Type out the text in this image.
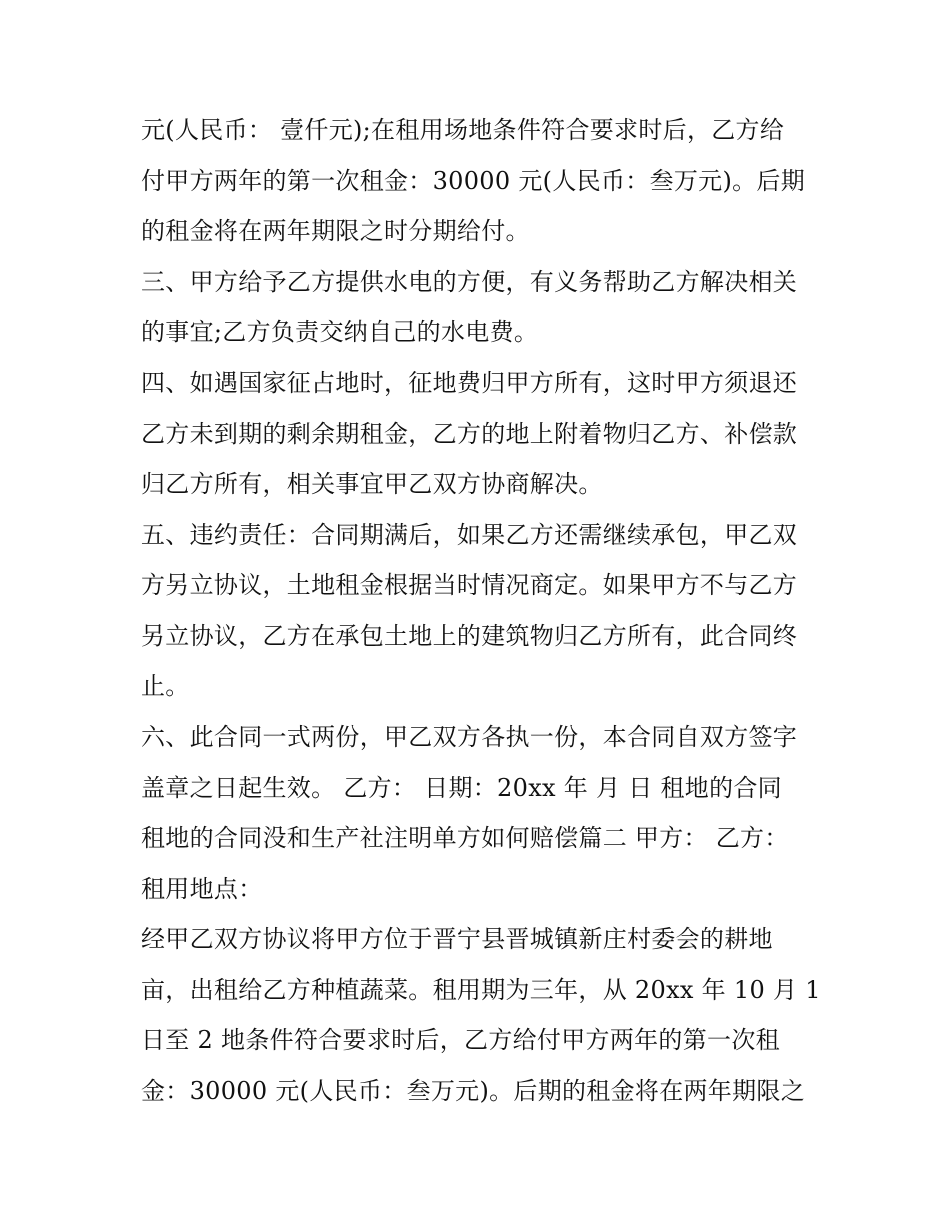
元(人民币： 壹仟元);在租用场地条件符合要求时后，乙方给
付甲方两年的第一次租金：30000 元(人民币：叁万元)。后期
的租金将在两年期限之时分期给付。
三、甲方给予乙方提供水电的方便，有义务帮助乙方解决相关
的事宜;乙方负责交纳自己的水电费。
四、如遇国家征占地时，征地费归甲方所有，这时甲方须退还
乙方未到期的剩余期租金，乙方的地上附着物归乙方、补偿款
归乙方所有，相关事宜甲乙双方协商解决。
五、违约责任：合同期满后，如果乙方还需继续承包，甲乙双
方另立协议，土地租金根据当时情况商定。如果甲方不与乙方
另立协议，乙方在承包土地上的建筑物归乙方所有，此合同终
止。
六、此合同一式两份，甲乙双方各执一份，本合同自双方签字
盖章之日起生效。 乙方： 日期：20xx 年 月 日 租地的合同
租地的合同没和生产社注明单方如何赔偿篇二 甲方： 乙方：
租用地点：
经甲乙双方协议将甲方位于晋宁县晋城镇新庄村委会的耕地
亩，出租给乙方种植蔬菜。租用期为三年，从 20xx 年 10 月 1
日至 2 地条件符合要求时后，乙方给付甲方两年的第一次租
金：30000 元(人民币：叁万元)。后期的租金将在两年期限之
